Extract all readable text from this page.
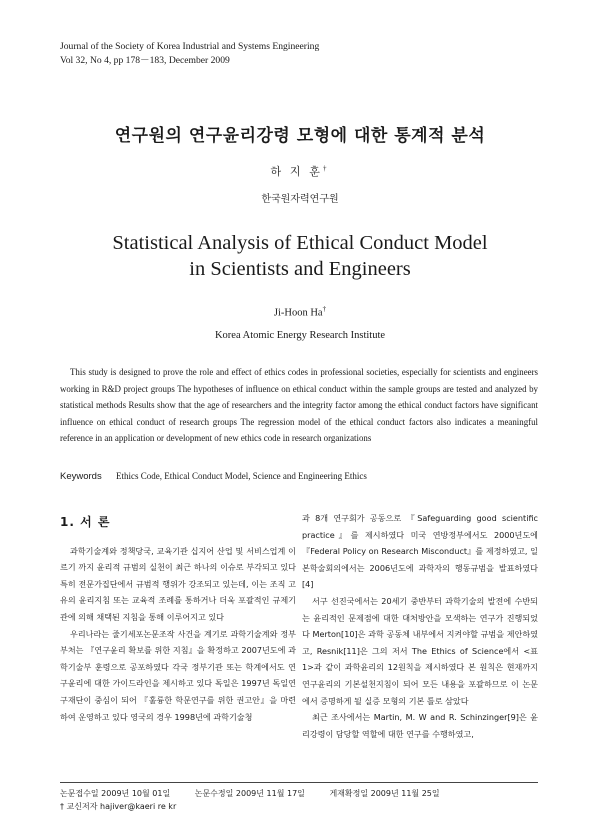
Journal of the Society of Korea Industrial and Systems Engineering
Vol 32, No 4, pp 178－183, December 2009
연구원의 연구윤리강령 모형에 대한 통계적 분석
하 지 훈†
한국원자력연구원
Statistical Analysis of Ethical Conduct Model
in Scientists and Engineers
Ji-Hoon Ha†
Korea Atomic Energy Research Institute
This study is designed to prove the role and effect of ethics codes in professional societies, especially for scientists and engineers working in R&D project groups The hypotheses of influence on ethical conduct within the sample groups are tested and analyzed by statistical methods Results show that the age of researchers and the integrity factor among the ethical conduct factors have significant influence on ethical conduct of research groups The regression model of the ethical conduct factors also indicates a meaningful reference in an application or development of new ethics code in research organizations
Keywords Ethics Code, Ethical Conduct Model, Science and Engineering Ethics
1. 서 론

과학기술계와 정책당국, 교육기관 십지어 산업 및 서비스업계 이르기 까지 윤리적 규범의 실천이 최근 하나의 이슈로 부각되고 있다 특히 전문가집단에서 규범적 행위가 강조되고 있는데, 이는 조직 고유의 윤리지침 또는 교육적 조례를 통하거나 더욱 포괄적인 규제기관에 의해 채택된 지침을 통해 이루어지고 있다

우리나라는 줄기세포논문조작 사건을 계기로 과학기술계와 정부부처는 『연구윤리 확보를 위한 지침』을 확정하고 2007년도에 과학기술부 훈령으로 공포하였다 각국 정부기관 또는 학계에서도 연구윤리에 대한 가이드라인을 제시하고 있다 독일은 1997년 독일연구재단이 중심이 되어 『훌륭한 학문연구를 위한 권고안』을 마련하여 운영하고 있다 영국의 경우 1998년에 과학기술청

과 8개 연구회가 공동으로 『Safeguarding good scientific practice』를 제시하였다 미국 연방정부에서도 2000년도에 『Federal Policy on Research Misconduct』를 제정하였고, 일본학술회의에서는 2006년도에 과학자의 행동규범을 발표하였다[4]

서구 선진국에서는 20세기 중반부터 과학기술의 발전에 수반되는 윤리적인 문제점에 대한 대처방안을 모색하는 연구가 진행되었다 Merton[10]은 과학 공동체 내부에서 지켜야할 규범을 제안하였고, Resnik[11]은 그의 저서 The Ethics of Science에서 <표 1>과 같이 과학윤리의 12원칙을 제시하였다 본 원칙은 현재까지 연구윤리의 기본설천지침이 되어 모든 내용을 포괄하므로 이 논문에서 증명하게 될 실증 모형의 기본 틀로 삼았다

최근 조사에서는 Martin, M. W and R. Schinzinger[9]은 윤리강령이 담당할 역할에 대한 연구를 수행하였고,

논문접수일 2009년 10월 01일	논문수정일 2009년 11월 17일	게재확정일 2009년 11월 25일
† 교신저자 hajiver@kaeri re kr
